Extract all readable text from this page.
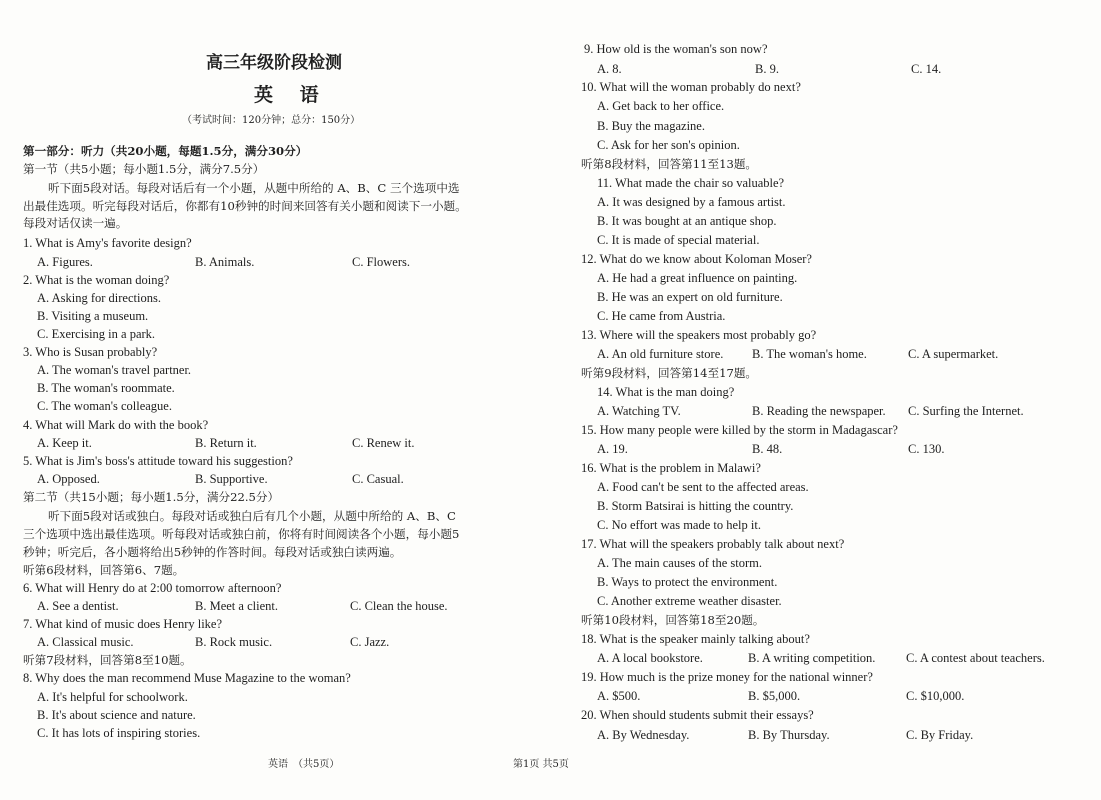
高三年级阶段检测
英 语
（考试时间：120分钟；总分：150分）
第一部分：听力（共20小题，每题1.5分，满分30分）
第一节（共5小题；每小题1.5分，满分7.5分）
听下面5段对话。每段对话后有一个小题，从题中所给的 A、B、C 三个选项中选
出最佳选项。听完每段对话后，你都有10秒钟的时间来回答有关小题和阅读下一小题。
每段对话仅读一遍。
1. What is Amy's favorite design?
A. Figures.	B. Animals.	C. Flowers.
2. What is the woman doing?
A. Asking for directions.
B. Visiting a museum.
C. Exercising in a park.
3. Who is Susan probably?
A. The woman's travel partner.
B. The woman's roommate.
C. The woman's colleague.
4. What will Mark do with the book?
A. Keep it.	B. Return it.	C. Renew it.
5. What is Jim's boss's attitude toward his suggestion?
A. Opposed.	B. Supportive.	C. Casual.
第二节（共15小题；每小题1.5分，满分22.5分）
听下面5段对话或独白。每段对话或独白后有几个小题，从题中所给的 A、B、C
三个选项中选出最佳选项。听每段对话或独白前，你将有时间阅读各个小题，每小题5
秒钟；听完后，各小题将给出5秒钟的作答时间。每段对话或独白读两遍。
听第6段材料，回答第6、7题。
6. What will Henry do at 2:00 tomorrow afternoon?
A. See a dentist.	B. Meet a client.	C. Clean the house.
7. What kind of music does Henry like?
A. Classical music.	B. Rock music.	C. Jazz.
听第7段材料，回答第8至10题。
8. Why does the man recommend Muse Magazine to the woman?
A. It's helpful for schoolwork.
B. It's about science and nature.
C. It has lots of inspiring stories.
英语　（共5页）
9. How old is the woman's son now?
A. 8.	B. 9.	C. 14.
10. What will the woman probably do next?
A. Get back to her office.
B. Buy the magazine.
C. Ask for her son's opinion.
听第8段材料，回答第11至13题。
11. What made the chair so valuable?
A. It was designed by a famous artist.
B. It was bought at an antique shop.
C. It is made of special material.
12. What do we know about Koloman Moser?
A. He had a great influence on painting.
B. He was an expert on old furniture.
C. He came from Austria.
13. Where will the speakers most probably go?
A. An old furniture store. B. The woman's home.	C. A supermarket.
听第9段材料，回答第14至17题。
14. What is the man doing?
A. Watching TV.	B. Reading the newspaper. C. Surfing the Internet.
15. How many people were killed by the storm in Madagascar?
A. 19.	B. 48.	C. 130.
16. What is the problem in Malawi?
A. Food can't be sent to the affected areas.
B. Storm Batsirai is hitting the country.
C. No effort was made to help it.
17. What will the speakers probably talk about next?
A. The main causes of the storm.
B. Ways to protect the environment.
C. Another extreme weather disaster.
听第10段材料，回答第18至20题。
18. What is the speaker mainly talking about?
A. A local bookstore.	B. A writing competition. C. A contest about teachers.
19. How much is the prize money for the national winner?
A. $500.	B. $5,000.	C. $10,000.
20. When should students submit their essays?
A. By Wednesday.	B. By Thursday.	C. By Friday.
第1页 共5页
